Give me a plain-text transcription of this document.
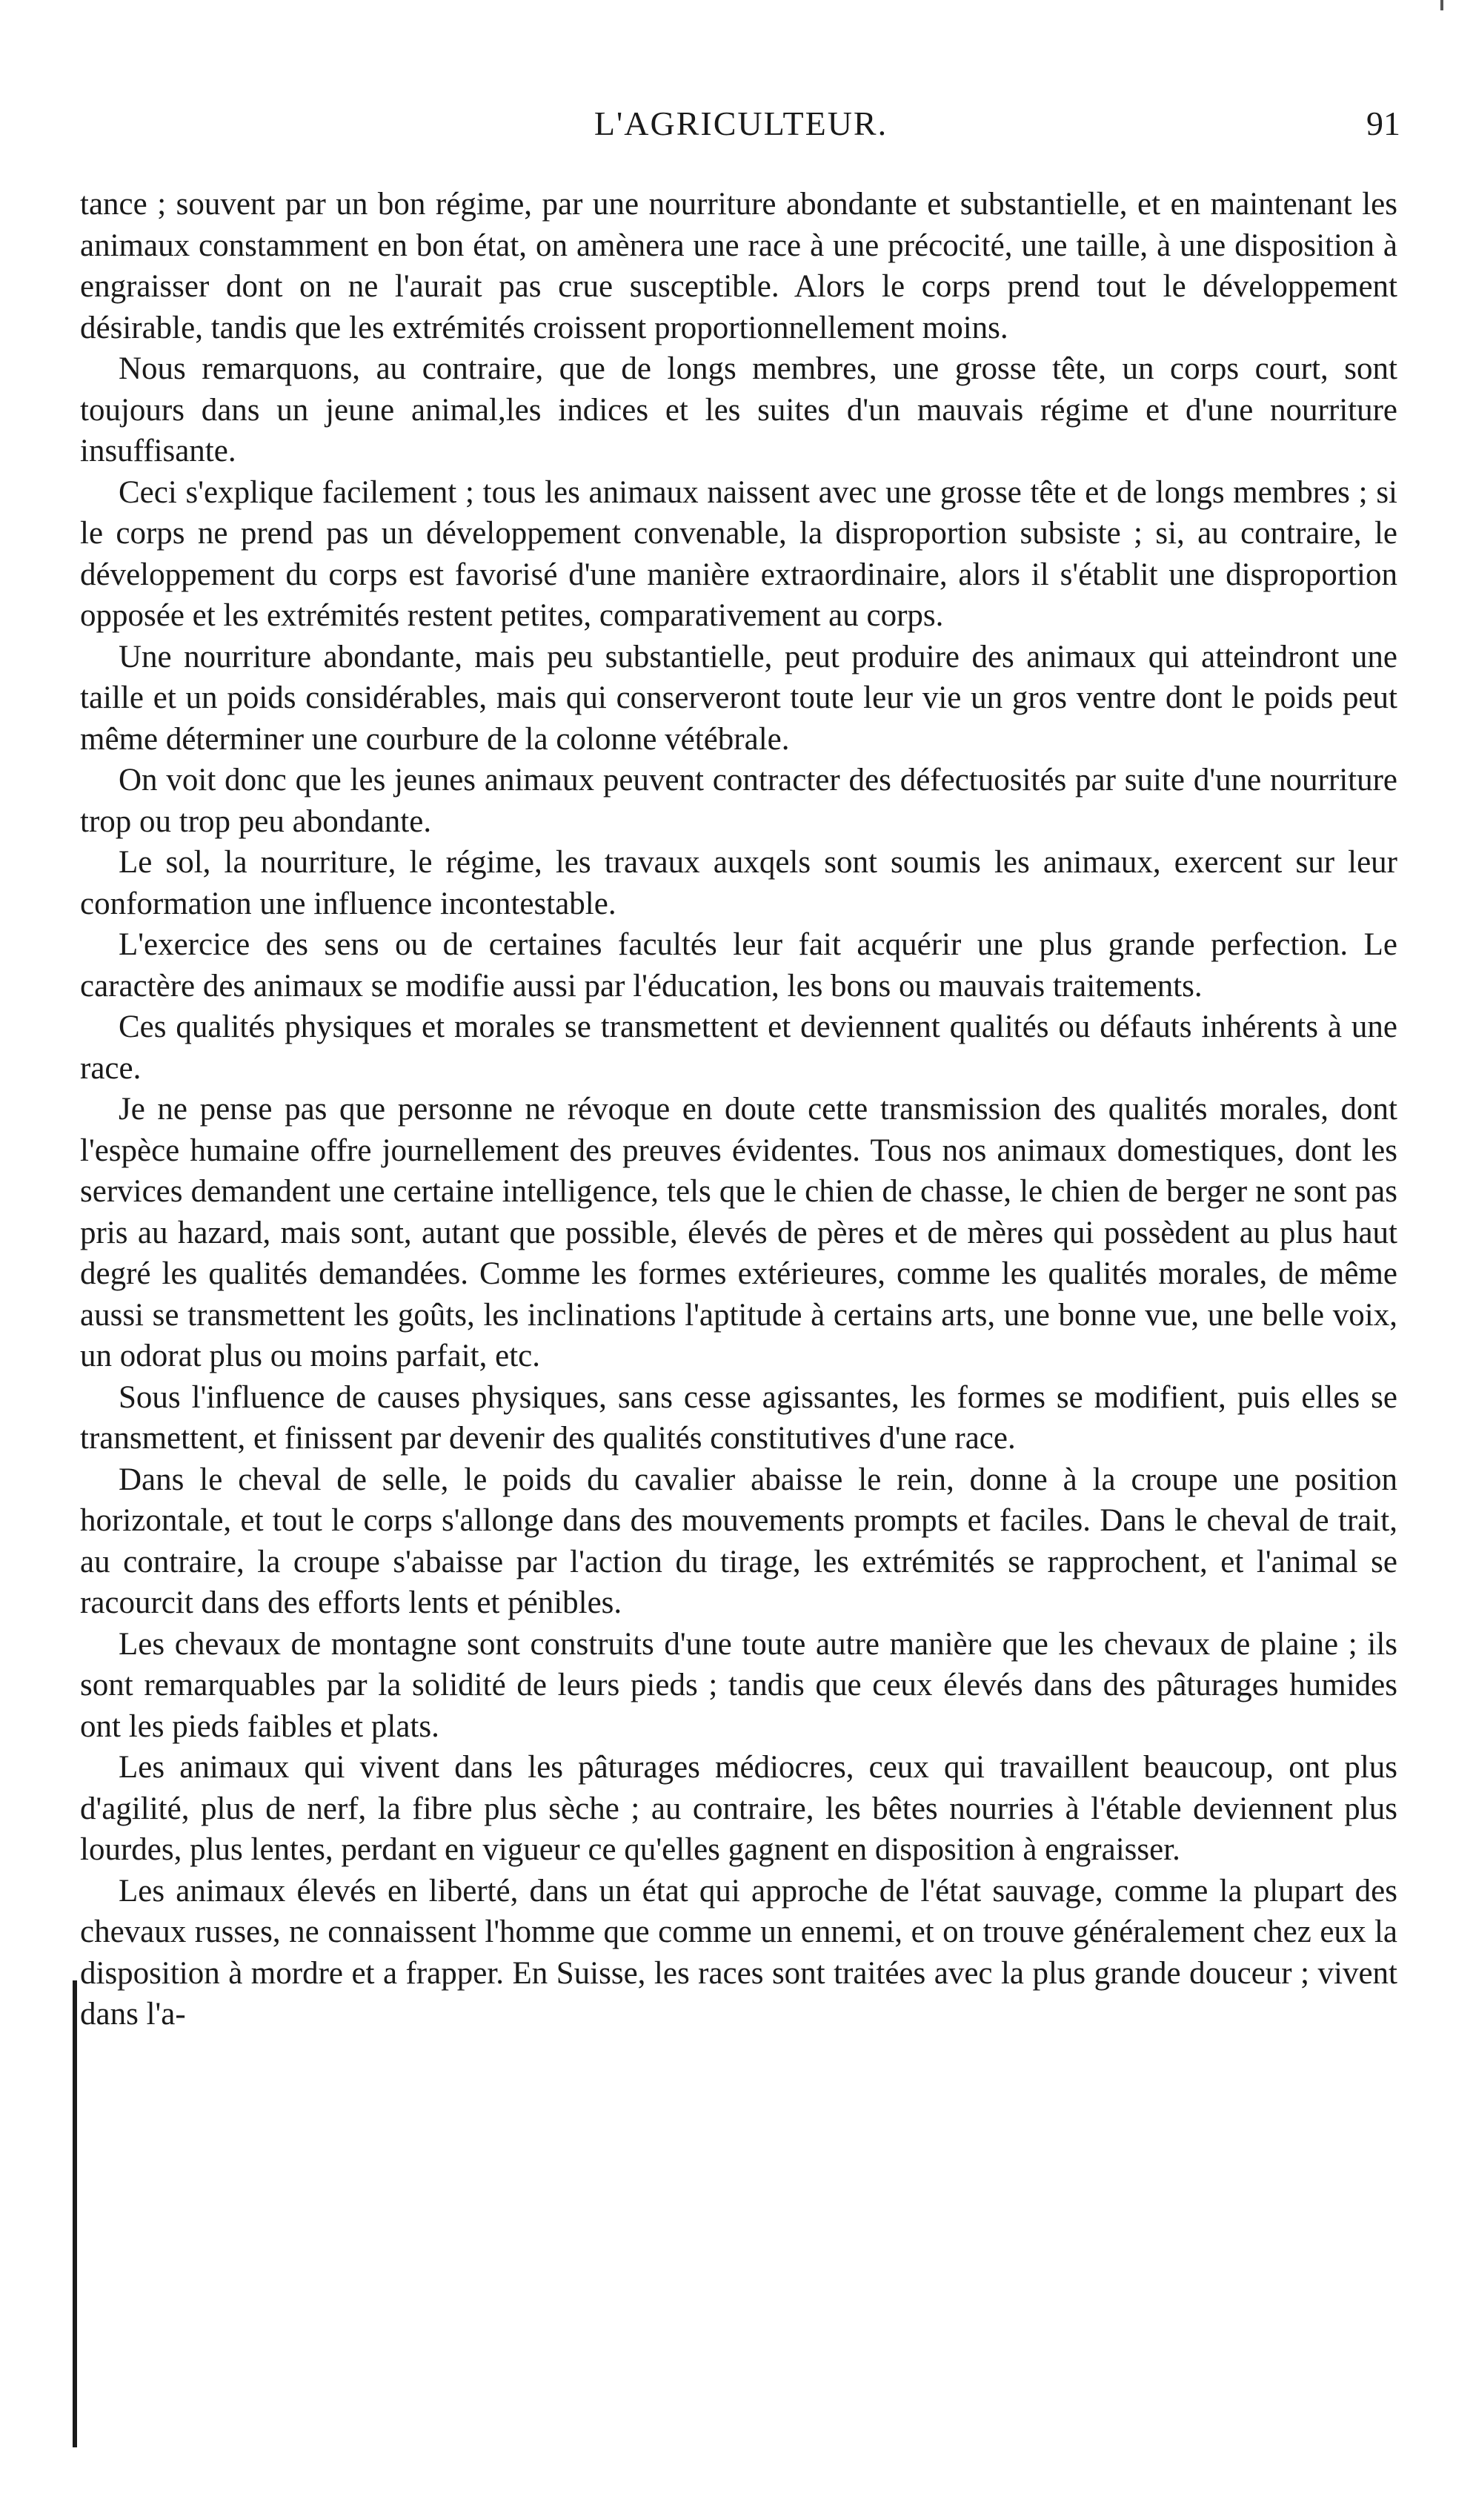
L'AGRICULTEUR.	91

tance ; souvent par un bon régime, par une nourriture abondante et substantielle, et en maintenant les animaux constamment en bon état, on amènera une race à une précocité, une taille, à une disposition à engraisser dont on ne l'aurait pas crue susceptible. Alors le corps prend tout le développement désirable, tandis que les extrémités croissent proportionnellement moins.

Nous remarquons, au contraire, que de longs membres, une grosse tête, un corps court, sont toujours dans un jeune animal,les indices et les suites d'un mauvais régime et d'une nourriture insuffisante.

Ceci s'explique facilement ; tous les animaux naissent avec une grosse tête et de longs membres ; si le corps ne prend pas un développement convenable, la disproportion subsiste ; si, au contraire, le développement du corps est favorisé d'une manière extraordinaire, alors il s'établit une disproportion opposée et les extrémités restent petites, comparativement au corps.

Une nourriture abondante, mais peu substantielle, peut produire des animaux qui atteindront une taille et un poids considérables, mais qui conserveront toute leur vie un gros ventre dont le poids peut même déterminer une courbure de la colonne vétébrale.

On voit donc que les jeunes animaux peuvent contracter des défectuosités par suite d'une nourriture trop ou trop peu abondante.

Le sol, la nourriture, le régime, les travaux auxqels sont soumis les animaux, exercent sur leur conformation une influence incontestable.

L'exercice des sens ou de certaines facultés leur fait acquérir une plus grande perfection. Le caractère des animaux se modifie aussi par l'éducation, les bons ou mauvais traitements.

Ces qualités physiques et morales se transmettent et deviennent qualités ou défauts inhérents à une race.

Je ne pense pas que personne ne révoque en doute cette transmission des qualités morales, dont l'espèce humaine offre journellement des preuves évidentes. Tous nos animaux domestiques, dont les services demandent une certaine intelligence, tels que le chien de chasse, le chien de berger ne sont pas pris au hazard, mais sont, autant que possible, élevés de pères et de mères qui possèdent au plus haut degré les qualités demandées. Comme les formes extérieures, comme les qualités morales, de même aussi se transmettent les goûts, les inclinations l'aptitude à certains arts, une bonne vue, une belle voix, un odorat plus ou moins parfait, etc.

Sous l'influence de causes physiques, sans cesse agissantes, les formes se modifient, puis elles se transmettent, et finissent par devenir des qualités constitutives d'une race.

Dans le cheval de selle, le poids du cavalier abaisse le rein, donne à la croupe une position horizontale, et tout le corps s'allonge dans des mouvements prompts et faciles. Dans le cheval de trait, au contraire, la croupe s'abaisse par l'action du tirage, les extrémités se rapprochent, et l'animal se racourcit dans des efforts lents et pénibles.

Les chevaux de montagne sont construits d'une toute autre manière que les chevaux de plaine ; ils sont remarquables par la solidité de leurs pieds ; tandis que ceux élevés dans des pâturages humides ont les pieds faibles et plats.

Les animaux qui vivent dans les pâturages médiocres, ceux qui travaillent beaucoup, ont plus d'agilité, plus de nerf, la fibre plus sèche ; au contraire, les bêtes nourries à l'étable deviennent plus lourdes, plus lentes, perdant en vigueur ce qu'elles gagnent en disposition à engraisser.

Les animaux élevés en liberté, dans un état qui approche de l'état sauvage, comme la plupart des chevaux russes, ne connaissent l'homme que comme un ennemi, et on trouve généralement chez eux la disposition à mordre et a frapper. En Suisse, les races sont traitées avec la plus grande douceur ; vivent dans l'a-
